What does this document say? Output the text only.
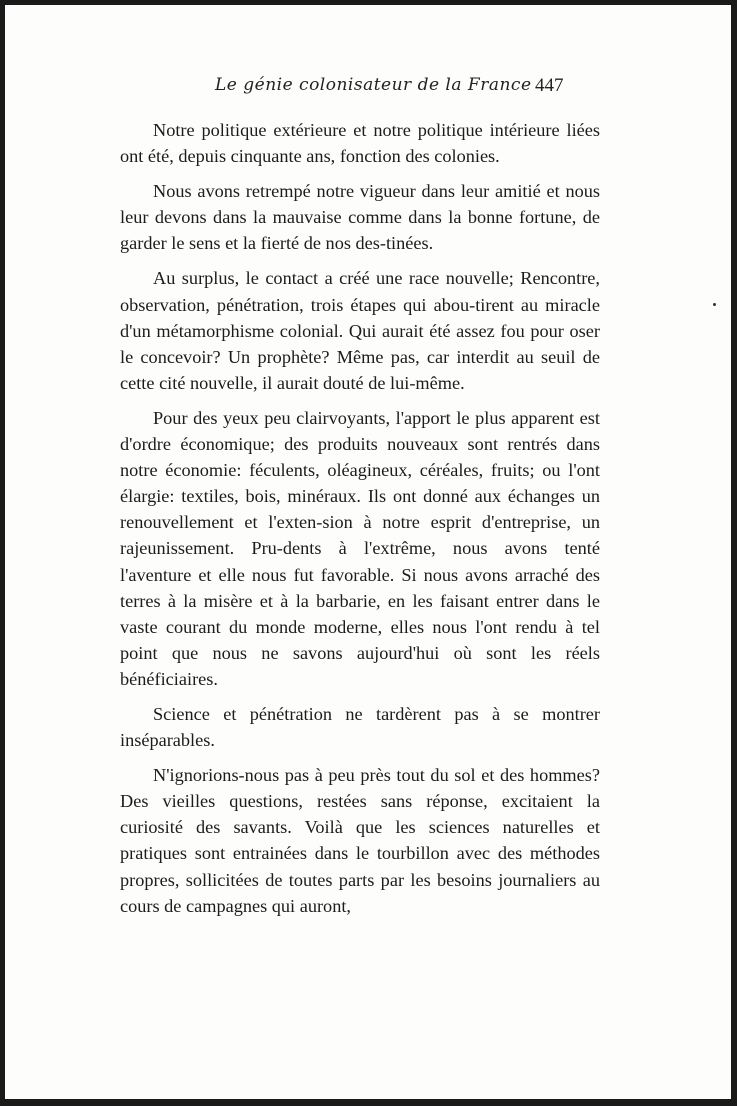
Le génie colonisateur de la France 447

Notre politique extérieure et notre politique intérieure liées ont été, depuis cinquante ans, fonction des colonies.

Nous avons retrempé notre vigueur dans leur amitié et nous leur devons dans la mauvaise comme dans la bonne fortune, de garder le sens et la fierté de nos des-tinées.

Au surplus, le contact a créé une race nouvelle; Rencontre, observation, pénétration, trois étapes qui abou-tirent au miracle d'un métamorphisme colonial. Qui aurait été assez fou pour oser le concevoir? Un prophète? Même pas, car interdit au seuil de cette cité nouvelle, il aurait douté de lui-même.

Pour des yeux peu clairvoyants, l'apport le plus apparent est d'ordre économique; des produits nouveaux sont rentrés dans notre économie: féculents, oléagineux, céréales, fruits; ou l'ont élargie: textiles, bois, minéraux. Ils ont donné aux échanges un renouvellement et l'exten-sion à notre esprit d'entreprise, un rajeunissement. Pru-dents à l'extrême, nous avons tenté l'aventure et elle nous fut favorable. Si nous avons arraché des terres à la misère et à la barbarie, en les faisant entrer dans le vaste courant du monde moderne, elles nous l'ont rendu à tel point que nous ne savons aujourd'hui où sont les réels bénéficiaires.

Science et pénétration ne tardèrent pas à se montrer inséparables.

N'ignorions-nous pas à peu près tout du sol et des hommes? Des vieilles questions, restées sans réponse, excitaient la curiosité des savants. Voilà que les sciences naturelles et pratiques sont entrainées dans le tourbillon avec des méthodes propres, sollicitées de toutes parts par les besoins journaliers au cours de campagnes qui auront,
